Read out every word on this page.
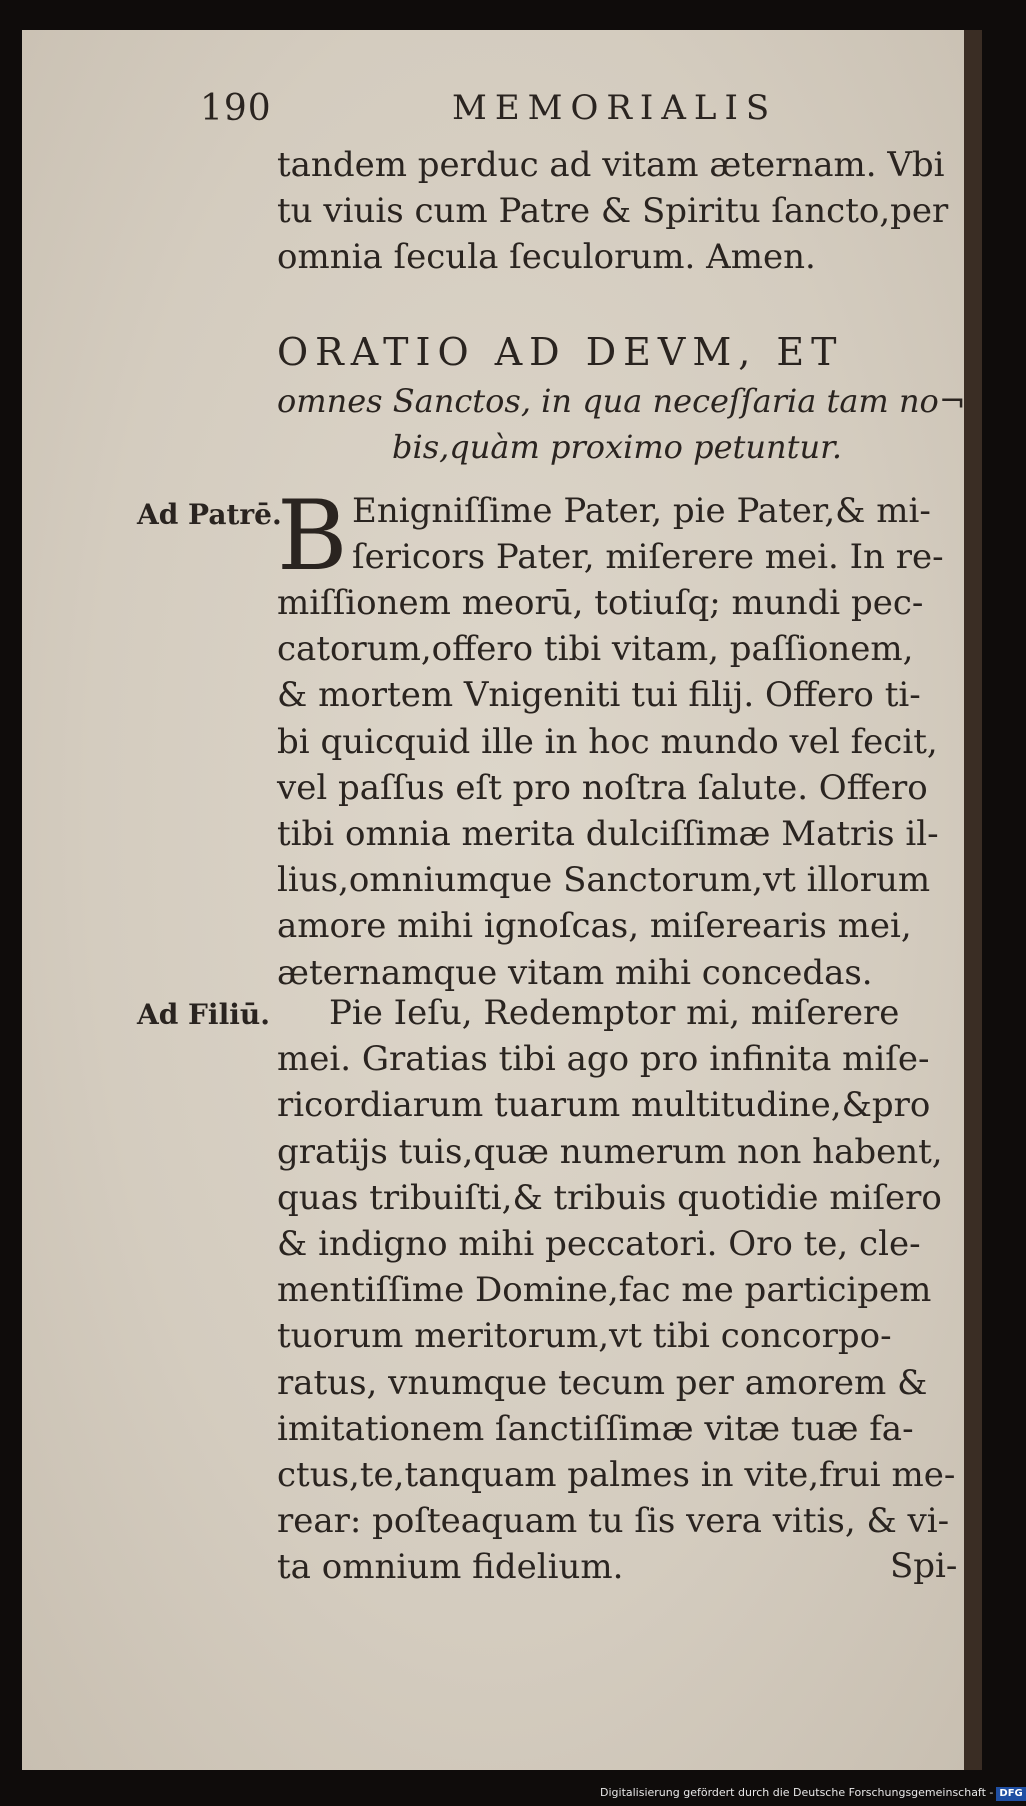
190	MEMORIALIS
tandem perduc ad vitam æternam. Vbi
tu viuis cum Patre & Spiritu ſancto,per
omnia ſecula ſeculorum. Amen.
ORATIO AD DEVM, ET
omnes Sanctos, in qua neceſſaria tam no¬
bis,quàm proximo petuntur.
Ad Patrē.
B Enigniſſime Pater, pie Pater,& mi-
ſericors Pater, miſerere mei. In re-
miſſionem meorū, totiuſq; mundi pec-
catorum,offero tibi vitam, paſſionem,
& mortem Vnigeniti tui filij. Offero ti-
bi quicquid ille in hoc mundo vel fecit,
vel paſſus eſt pro noſtra ſalute. Offero
tibi omnia merita dulciſſimæ Matris il-
lius,omniumque Sanctorum,vt illorum
amore mihi ignoſcas, miſerearis mei,
æternamque vitam mihi concedas.
Ad Filiū.	Pie Ieſu, Redemptor mi, miſerere
mei. Gratias tibi ago pro infinita miſe-
ricordiarum tuarum multitudine,&pro
gratijs tuis,quæ numerum non habent,
quas tribuiſti,& tribuis quotidie miſero
& indigno mihi peccatori. Oro te, cle-
mentiſſime Domine,fac me participem
tuorum meritorum,vt tibi concorpo-
ratus, vnumque tecum per amorem &
imitationem ſanctiſſimæ vitæ tuæ fa-
ctus,te,tanquam palmes in vite,frui me-
rear: poſteaquam tu ſis vera vitis, & vi-
ta omnium fidelium.	Spi-
Digitalisierung gefördert durch die Deutsche Forschungsgemeinschaft - DFG
